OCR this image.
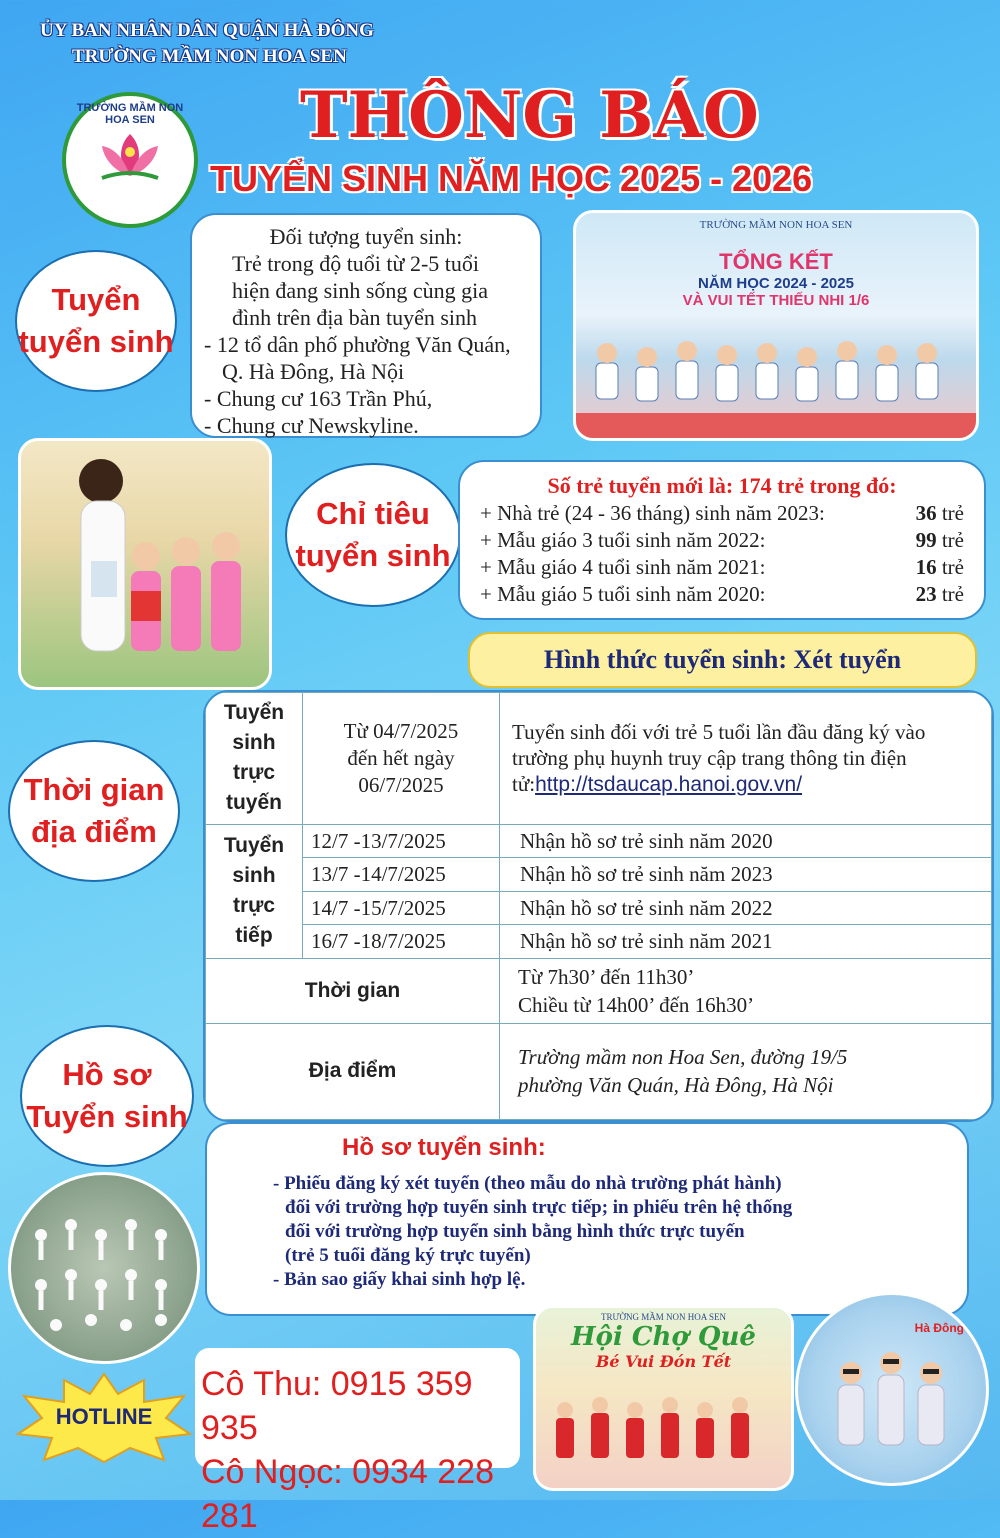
ỦY BAN NHÂN DÂN QUẬN HÀ ĐÔNG
TRƯỜNG MẦM NON HOA SEN
TRƯỜNG MẦM NON HOA SEN	THÔNG BÁO
TUYỂN SINH NĂM HỌC 2025 - 2026
Tuyển
tuyển sinh
Đối tượng tuyển sinh:
Trẻ trong độ tuổi từ 2-5 tuổi
hiện đang sinh sống cùng gia
đình trên địa bàn tuyển sinh
- 12 tổ dân phố phường Văn Quán,
Q. Hà Đông, Hà Nội
- Chung cư 163 Trần Phú,
- Chung cư Newskyline.
TRƯỜNG MẦM NON HOA SEN
TỔNG KẾT
NĂM HỌC 2024 - 2025
VÀ VUI TẾT THIẾU NHI 1/6
Chỉ tiêu
tuyển sinh
Số trẻ tuyển mới là: 174 trẻ trong đó:
+ Nhà trẻ (24 - 36 tháng) sinh năm 2023:	36 trẻ
+ Mẫu giáo 3 tuổi sinh năm 2022:	99 trẻ
+ Mẫu giáo 4 tuổi sinh năm 2021:	16 trẻ
+ Mẫu giáo 5 tuổi sinh năm 2020:	23 trẻ
Hình thức tuyển sinh: Xét tuyển
Thời gian
địa điểm
Tuyển sinh trực tuyến	Từ 04/7/2025
đến hết ngày
06/7/2025	Tuyển sinh đối với trẻ 5 tuổi lần đầu đăng ký vào trường phụ huynh truy cập trang thông tin điện tử:http://tsdaucap.hanoi.gov.vn/
Tuyển sinh trực tiếp	12/7 -13/7/2025	Nhận hồ sơ trẻ sinh năm 2020
	13/7 -14/7/2025	Nhận hồ sơ trẻ sinh năm 2023
	14/7 -15/7/2025	Nhận hồ sơ trẻ sinh năm 2022
	16/7 -18/7/2025	Nhận hồ sơ trẻ sinh năm 2021
Thời gian		Từ 7h30’ đến 11h30’
Chiều từ 14h00’ đến 16h30’

Địa điểm		Trường mầm non Hoa Sen, đường 19/5
phường Văn Quán, Hà Đông, Hà Nội
Hồ sơ
Tuyển sinh
Hồ sơ tuyển sinh:
- Phiếu đăng ký xét tuyển (theo mẫu do nhà trường phát hành)
đối với trường hợp tuyển sinh trực tiếp; in phiếu trên hệ thống
đối với trường hợp tuyển sinh bằng hình thức trực tuyến
(trẻ 5 tuổi đăng ký trực tuyến)
- Bản sao giấy khai sinh hợp lệ.
HOTLINE
Cô Thu: 0915 359 935
Cô Ngọc: 0934 228 281
TRƯỜNG MẦM NON HOA SEN
Hội Chợ Quê
Bé Vui Đón Tết
Hà Đông
